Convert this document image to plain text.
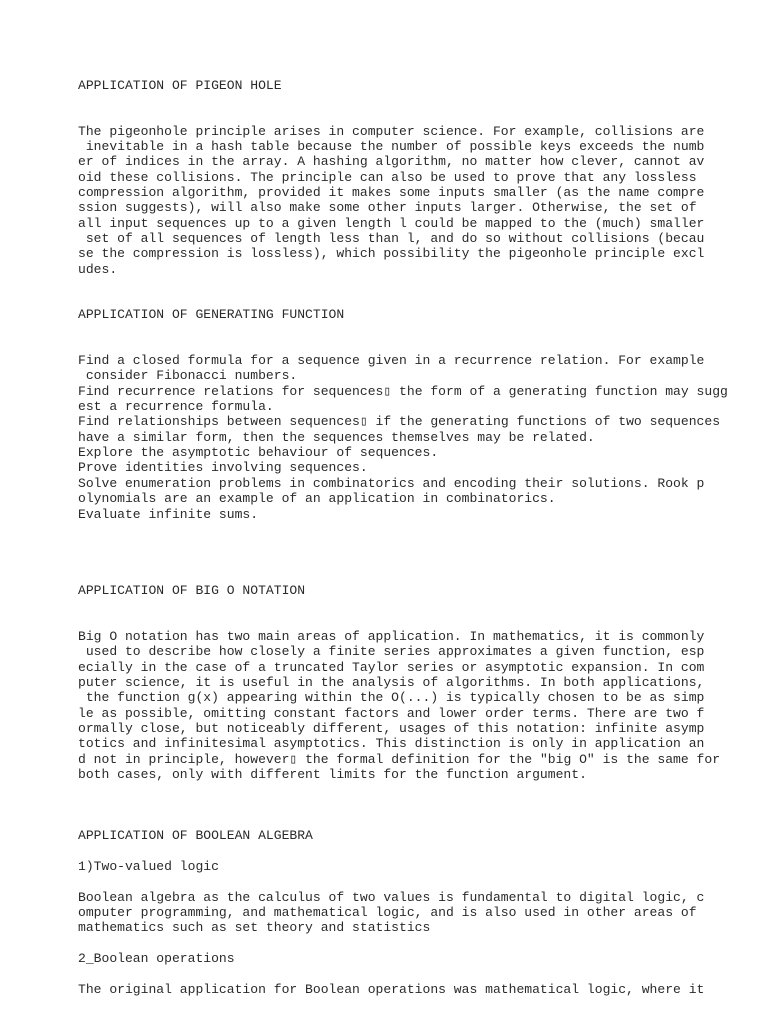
APPLICATION OF PIGEON HOLE
The pigeonhole principle arises in computer science. For example, collisions are
inevitable in a hash table because the number of possible keys exceeds the numb
er of indices in the array. A hashing algorithm, no matter how clever, cannot av
oid these collisions. The principle can also be used to prove that any lossless
compression algorithm, provided it makes some inputs smaller (as the name compre
ssion suggests), will also make some other inputs larger. Otherwise, the set of
all input sequences up to a given length l could be mapped to the (much) smaller
set of all sequences of length less than l, and do so without collisions (becau
se the compression is lossless), which possibility the pigeonhole principle excl
udes.
APPLICATION OF GENERATING FUNCTION
Find a closed formula for a sequence given in a recurrence relation. For example
consider Fibonacci numbers.
Find recurrence relations for sequences▯ the form of a generating function may sugg
est a recurrence formula.
Find relationships between sequences▯ if the generating functions of two sequences
have a similar form, then the sequences themselves may be related.
Explore the asymptotic behaviour of sequences.
Prove identities involving sequences.
Solve enumeration problems in combinatorics and encoding their solutions. Rook p
olynomials are an example of an application in combinatorics.
Evaluate infinite sums.
APPLICATION OF BIG O NOTATION
Big O notation has two main areas of application. In mathematics, it is commonly
used to describe how closely a finite series approximates a given function, esp
ecially in the case of a truncated Taylor series or asymptotic expansion. In com
puter science, it is useful in the analysis of algorithms. In both applications,
the function g(x) appearing within the O(...) is typically chosen to be as simp
le as possible, omitting constant factors and lower order terms. There are two f
ormally close, but noticeably different, usages of this notation: infinite asymp
totics and infinitesimal asymptotics. This distinction is only in application an
d not in principle, however▯ the formal definition for the "big O" is the same for
both cases, only with different limits for the function argument.
APPLICATION OF BOOLEAN ALGEBRA
1)Two-valued logic
Boolean algebra as the calculus of two values is fundamental to digital logic, c
omputer programming, and mathematical logic, and is also used in other areas of
mathematics such as set theory and statistics
2_Boolean operations
The original application for Boolean operations was mathematical logic, where it
